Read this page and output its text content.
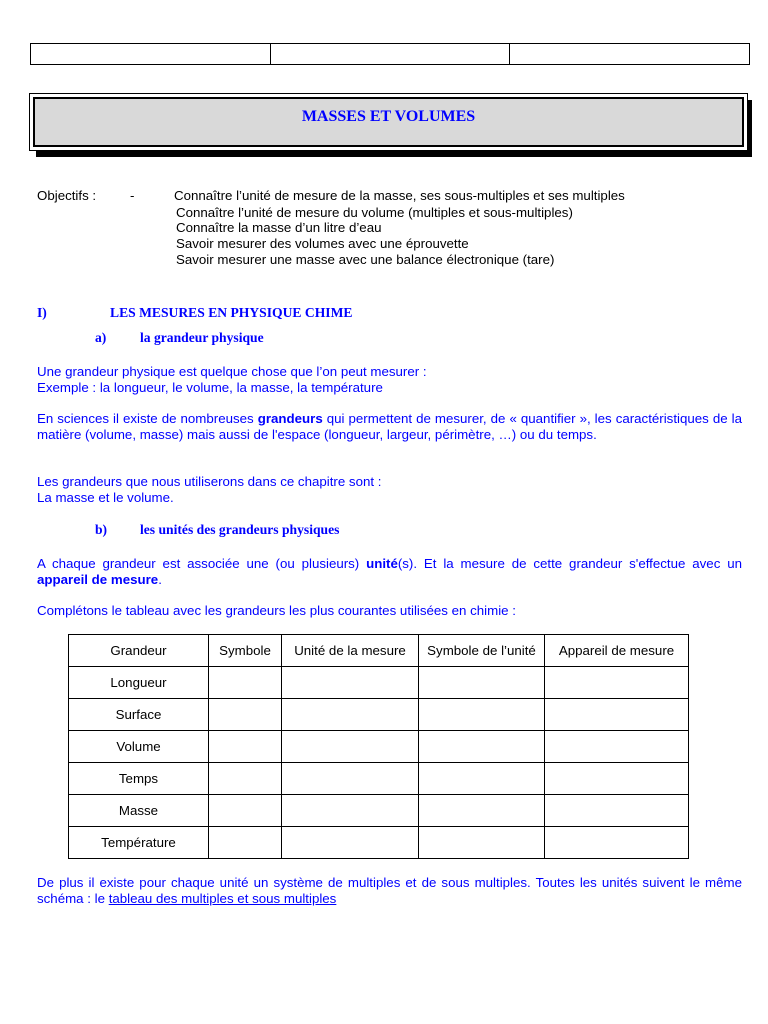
MASSES ET VOLUMES
Objectifs :	-	Connaître l’unité de mesure de la masse, ses sous-multiples et ses multiples
Connaître l’unité de mesure du volume (multiples et sous-multiples)
Connaître la masse d’un litre d’eau
Savoir mesurer des volumes avec une éprouvette
Savoir mesurer une masse avec une balance électronique (tare)
I)	LES MESURES EN PHYSIQUE CHIME
a) la grandeur physique

Une grandeur physique est quelque chose que l’on peut mesurer :

Exemple : la longueur, le volume, la masse, la température

En sciences il existe de nombreuses grandeurs qui permettent de mesurer, de « quantifier », les caractéristiques de la matière (volume, masse) mais aussi de l'espace (longueur, largeur, périmètre, …) ou du temps.

Les grandeurs que nous utiliserons dans ce chapitre sont :

La masse et le volume.

b) les unités des grandeurs physiques
A chaque grandeur est associée une (ou plusieurs) unité(s). Et la mesure de cette grandeur s'effectue avec un appareil de mesure.

Complétons le tableau avec les grandeurs les plus courantes utilisées en chimie :

Grandeur	Symbole	Unité de la mesure	Symbole de l’unité	Appareil de mesure
Longueur				
Surface				
Volume				
Temps				
Masse				
Température				
De plus il existe pour chaque unité un système de multiples et de sous multiples. Toutes les unités suivent le même schéma : le tableau des multiples et sous multiples
